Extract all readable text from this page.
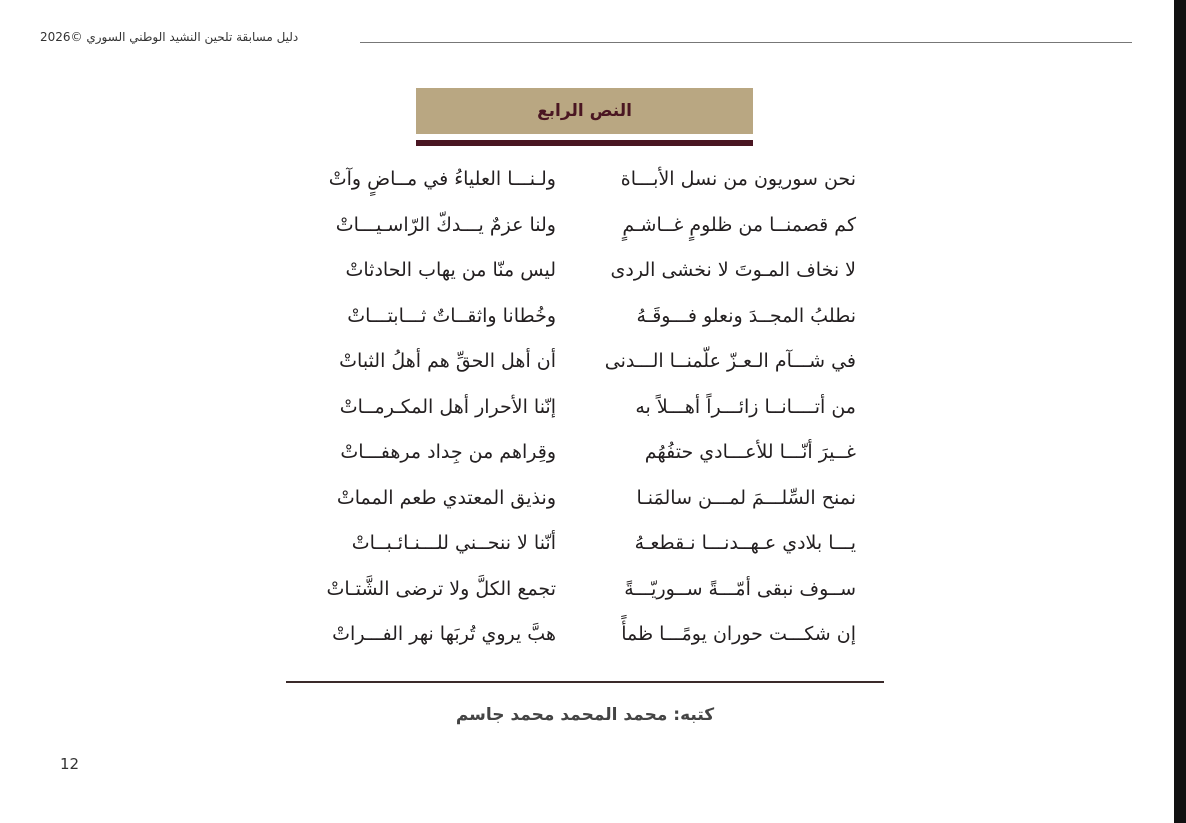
دليل مسابقة تلحين النشيد الوطني السوري ©2026
النص الرابع
نحن سوريون من نسل الأبـــاة
ولـنـــا العلياءُ في مــاضٍ وآتْ
كم قصمنــا من ظلومٍ غــاشـمٍ
ولنا عزمٌ يـــدكّ الرّاسـيـــاتْ
لا نخاف المـوتَ لا نخشى الردى
ليس منّا من يهاب الحادثاتْ
نطلبُ المجــدَ ونعلو فـــوقَـهُ
وخُطانا واثقــاتٌ ثـــابتـــاتْ
في شـــآم الـعـزّ علّمنــا الـــدنى
أن أهل الحقِّ هم أهلُ الثباتْ
من أتــــانــا زائـــراً أهـــلاً به
إنّنا الأحرار أهل المكـرمــاتْ
غــيرَ أنّـــا للأعـــادي حتفُهُم
وقِراهم من جِداد مرهفـــاتْ
نمنح السِّلـــمَ لمـــن سالمَنـا
ونذيق المعتدي طعم المماتْ
يـــا بلادي عـهــدنـــا نـقطعـهُ
أنّنا لا ننحــني للـــنـائـبــاتْ
ســوف نبقى أمّـــةً ســوريّـــةً
تجمع الكلَّ ولا ترضى الشَّتـاتْ
إن شكـــت حوران يومًـــا ظمأً
هبَّ يروي تُربَها نهر الفـــراتْ
كتبه: محمد المحمد محمد جاسم
12
